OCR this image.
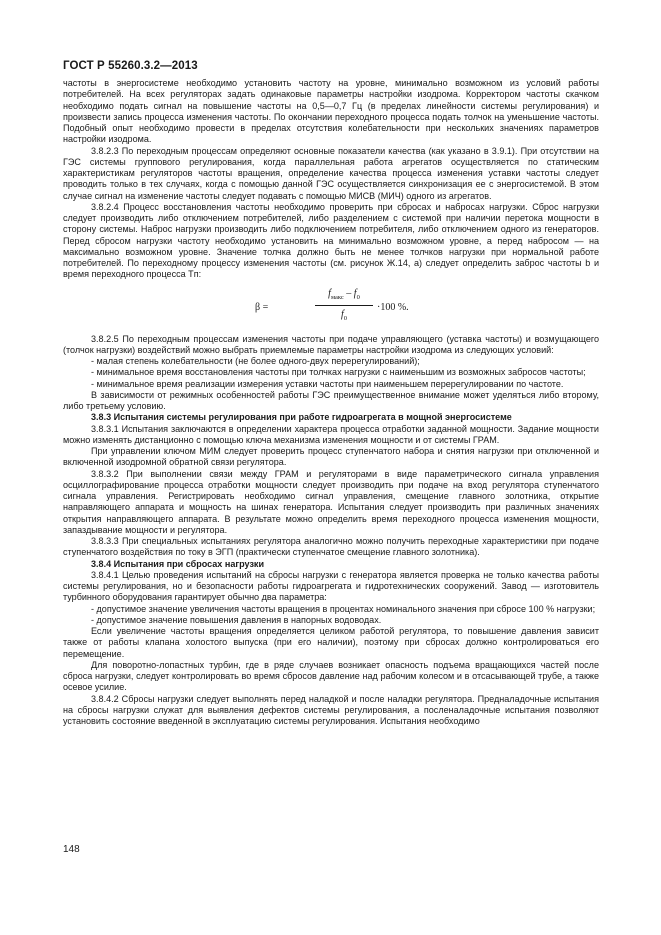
ГОСТ Р 55260.3.2—2013

частоты в энергосистеме необходимо установить частоту на уровне, минимально возможном из условий работы потребителей. На всех регуляторах задать одинаковые параметры настройки изодрома. Корректором частоты скачком необходимо подать сигнал на повышение частоты на 0,5—0,7 Гц (в пределах линейности системы регулирования) и произвести запись процесса изменения частоты. По окончании переходного процесса подать толчок на уменьшение частоты. Подобный опыт необходимо провести в пределах отсутствия колебательности при нескольких значениях параметров настройки изодрома.

3.8.2.3 По переходным процессам определяют основные показатели качества (как указано в 3.9.1). При отсутствии на ГЭС системы группового регулирования, когда параллельная работа агрегатов осуществляется по статическим характеристикам регуляторов частоты вращения, определение качества процесса изменения уставки частоты следует проводить только в тех случаях, когда с помощью данной ГЭС осуществляется синхронизация ее с энергосистемой. В этом случае сигнал на изменение частоты следует подавать с помощью МИСВ (МИЧ) одного из агрегатов.

3.8.2.4 Процесс восстановления частоты необходимо проверить при сбросах и набросах нагрузки. Сброс нагрузки следует производить либо отключением потребителей, либо разделением с системой при наличии перетока мощности в сторону системы. Наброс нагрузки производить либо подключением потребителя, либо отключением одного из генераторов. Перед сбросом нагрузки частоту необходимо установить на минимально возможном уровне, а перед набросом — на максимально возможном уровне. Значение толчка должно быть не менее толчков нагрузки при нормальной работе потребителей. По переходному процессу изменения частоты (см. рисунок Ж.14, а) следует определить заброс частоты b и время переходного процесса Tп:

β =
$f_{макс} - f_0$
$f_0$
·100 %.

3.8.2.5 По переходным процессам изменения частоты при подаче управляющего (уставка частоты) и возмущающего (толчок нагрузки) воздействий можно выбрать приемлемые параметры настройки изодрома из следующих условий:

- малая степень колебательности (не более одного-двух перерегулирований);

- минимальное время восстановления частоты при толчках нагрузки с наименьшим из возможных забросов частоты;

- минимальное время реализации измерения уставки частоты при наименьшем перерегулировании по частоте.

В зависимости от режимных особенностей работы ГЭС преимущественное внимание может уделяться либо второму, либо третьему условию.

3.8.3 Испытания системы регулирования при работе гидроагрегата в мощной энергосистеме

3.8.3.1 Испытания заключаются в определении характера процесса отработки заданной мощности. Задание мощности можно изменять дистанционно с помощью ключа механизма изменения мощности и от системы ГРАМ.

При управлении ключом МИМ следует проверить процесс ступенчатого набора и снятия нагрузки при отключенной и включенной изодромной обратной связи регулятора.

3.8.3.2 При выполнении связи между ГРАМ и регуляторами в виде параметрического сигнала управления осциллографирование процесса отработки мощности следует производить при подаче на вход регулятора ступенчатого сигнала управления. Регистрировать необходимо сигнал управления, смещение главного золотника, открытие направляющего аппарата и мощность на шинах генератора. Испытания следует производить при различных значениях открытия направляющего аппарата. В результате можно определить время переходного процесса изменения мощности, запаздывание мощности и регулятора.

3.8.3.3 При специальных испытаниях регулятора аналогично можно получить переходные характеристики при подаче ступенчатого воздействия по току в ЭГП (практически ступенчатое смещение главного золотника).

3.8.4 Испытания при сбросах нагрузки

3.8.4.1 Целью проведения испытаний на сбросы нагрузки с генератора является проверка не только качества работы системы регулирования, но и безопасности работы гидроагрегата и гидротехнических сооружений. Завод — изготовитель турбинного оборудования гарантирует обычно два параметра:

- допустимое значение увеличения частоты вращения в процентах номинального значения при сбросе 100 % нагрузки;

- допустимое значение повышения давления в напорных водоводах.

Если увеличение частоты вращения определяется целиком работой регулятора, то повышение давления зависит также от работы клапана холостого выпуска (при его наличии), поэтому при сбросах должно контролироваться его перемещение.

Для поворотно-лопастных турбин, где в ряде случаев возникает опасность подъема вращающихся частей после сброса нагрузки, следует контролировать во время сбросов давление над рабочим колесом и в отсасывающей трубе, а также осевое усилие.

3.8.4.2 Сбросы нагрузки следует выполнять перед наладкой и после наладки регулятора. Предналадочные испытания на сбросы нагрузки служат для выявления дефектов системы регулирования, а посленаладочные испытания позволяют установить состояние введенной в эксплуатацию системы регулирования. Испытания необходимо

148
